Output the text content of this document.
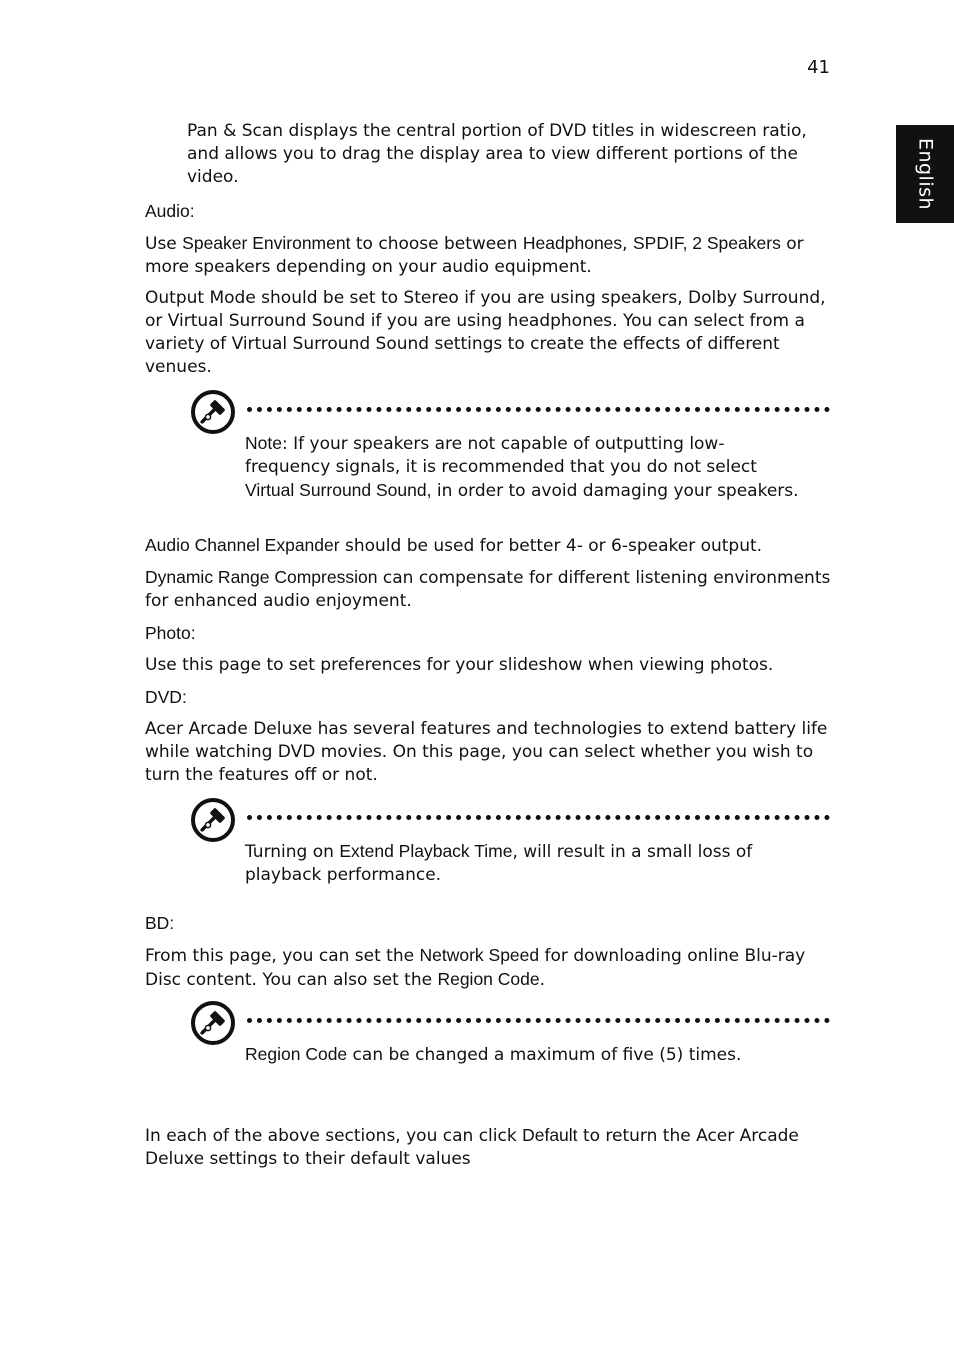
41
English

Pan & Scan displays the central portion of DVD titles in widescreen ratio, and allows you to drag the display area to view different portions of the video.

Audio:

Use Speaker Environment to choose between Headphones, SPDIF, 2 Speakers or more speakers depending on your audio equipment.

Output Mode should be set to Stereo if you are using speakers, Dolby Surround, or Virtual Surround Sound if you are using headphones. You can select from a variety of Virtual Surround Sound settings to create the effects of different venues.

Note: If your speakers are not capable of outputting low-frequency signals, it is recommended that you do not select Virtual Surround Sound, in order to avoid damaging your speakers.

Audio Channel Expander should be used for better 4- or 6-speaker output.

Dynamic Range Compression can compensate for different listening environments for enhanced audio enjoyment.

Photo:

Use this page to set preferences for your slideshow when viewing photos.

DVD:

Acer Arcade Deluxe has several features and technologies to extend battery life while watching DVD movies. On this page, you can select whether you wish to turn the features off or not.

Turning on Extend Playback Time, will result in a small loss of playback performance.

BD:

From this page, you can set the Network Speed for downloading online Blu-ray Disc content. You can also set the Region Code.

Region Code can be changed a maximum of five (5) times.

In each of the above sections, you can click Default to return the Acer Arcade Deluxe settings to their default values
